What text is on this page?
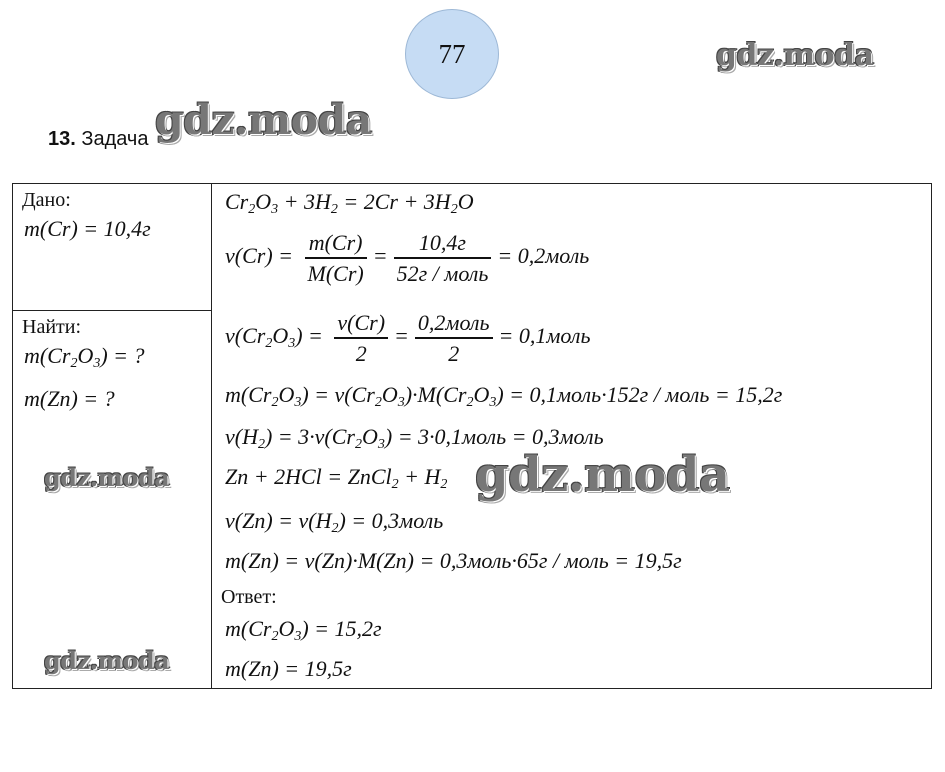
77
13. Задача
Дано:
m(Cr) = 10,4г
Найти:
$m(Cr_2O_3)$ = ?
m(Zn) = ?
$Cr_2O_3 + 3H_2 = 2Cr + 3H_2O$
$\nu(Cr) = \frac{m(Cr)}{M(Cr)} = \frac{10,4г}{\text{52г / моль}}$ = 0,2моль
$\nu(Cr_2O_3) = \frac{\nu(Cr)}{2} = \frac{\text{0,2моль}}{2}$ = 0,1моль
$m(Cr_2O_3) = \nu(Cr_2O_3)\cdot M(Cr_2O_3)$ = 0,1моль·152г / моль = 15,2г
$\nu(H_2) = 3\cdot\nu(Cr_2O_3)$ = 3·0,1моль = 0,3моль
Zn + 2HCl = ZnCl$_2$ + $H_2$
$\nu(Zn) = \nu(H_2)$ = 0,3моль
m(Zn) = ν(Zn)·M(Zn) = 0,3моль·65г / моль = 19,5г
Ответ:
$m(Cr_2O_3) = 15,2г$
m(Zn) = 19,5г
gdz.moda
gdz.moda
gdz.moda
gdz.moda
gdz.moda
